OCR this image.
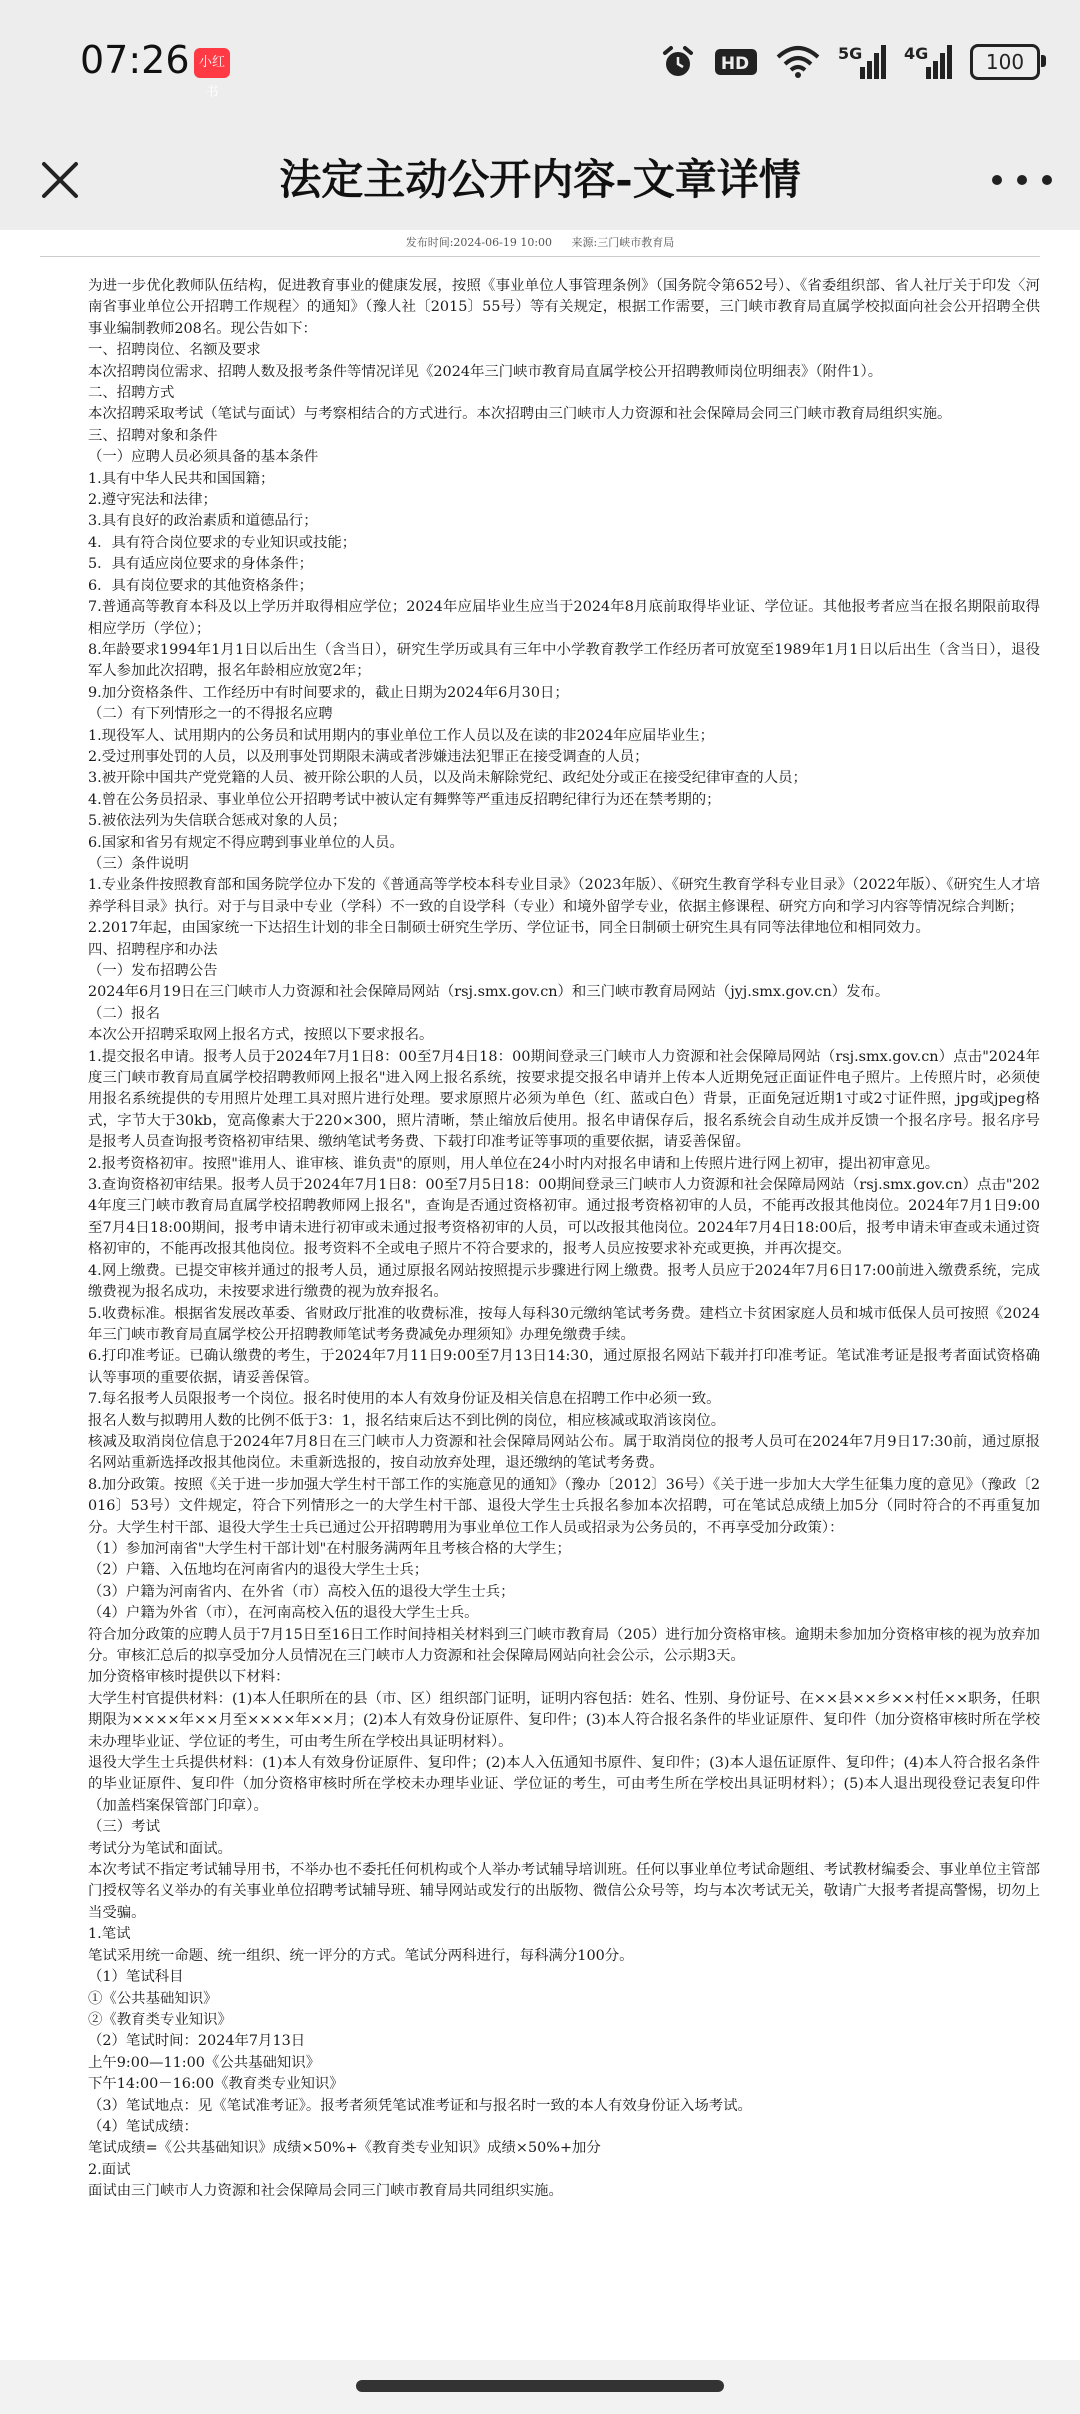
07:26 小红书
HD
5G	4G	100
法定主动公开内容-文章详情
发布时间:2024-06-19 10:00 来源:三门峡市教育局

为进一步优化教师队伍结构，促进教育事业的健康发展，按照《事业单位人事管理条例》（国务院令第652号）、《省委组织部、省人社厅关于印发〈河南省事业单位公开招聘工作规程〉的通知》（豫人社〔2015〕55号）等有关规定，根据工作需要，三门峡市教育局直属学校拟面向社会公开招聘全供事业编制教师208名。现公告如下：

一、招聘岗位、名额及要求

本次招聘岗位需求、招聘人数及报考条件等情况详见《2024年三门峡市教育局直属学校公开招聘教师岗位明细表》（附件1）。

二、招聘方式

本次招聘采取考试（笔试与面试）与考察相结合的方式进行。本次招聘由三门峡市人力资源和社会保障局会同三门峡市教育局组织实施。

三、招聘对象和条件

（一）应聘人员必须具备的基本条件

1.具有中华人民共和国国籍；

2.遵守宪法和法律；

3.具有良好的政治素质和道德品行；

4．具有符合岗位要求的专业知识或技能；

5．具有适应岗位要求的身体条件；

6．具有岗位要求的其他资格条件；

7.普通高等教育本科及以上学历并取得相应学位；2024年应届毕业生应当于2024年8月底前取得毕业证、学位证。其他报考者应当在报名期限前取得相应学历（学位）；

8.年龄要求1994年1月1日以后出生（含当日），研究生学历或具有三年中小学教育教学工作经历者可放宽至1989年1月1日以后出生（含当日），退役军人参加此次招聘，报名年龄相应放宽2年；

9.加分资格条件、工作经历中有时间要求的，截止日期为2024年6月30日；

（二）有下列情形之一的不得报名应聘

1.现役军人、试用期内的公务员和试用期内的事业单位工作人员以及在读的非2024年应届毕业生；

2.受过刑事处罚的人员，以及刑事处罚期限未满或者涉嫌违法犯罪正在接受调查的人员；

3.被开除中国共产党党籍的人员、被开除公职的人员，以及尚未解除党纪、政纪处分或正在接受纪律审查的人员；

4.曾在公务员招录、事业单位公开招聘考试中被认定有舞弊等严重违反招聘纪律行为还在禁考期的；

5.被依法列为失信联合惩戒对象的人员；

6.国家和省另有规定不得应聘到事业单位的人员。

（三）条件说明

1.专业条件按照教育部和国务院学位办下发的《普通高等学校本科专业目录》（2023年版）、《研究生教育学科专业目录》（2022年版）、《研究生人才培养学科目录》执行。对于与目录中专业（学科）不一致的自设学科（专业）和境外留学专业，依据主修课程、研究方向和学习内容等情况综合判断；

2.2017年起，由国家统一下达招生计划的非全日制硕士研究生学历、学位证书，同全日制硕士研究生具有同等法律地位和相同效力。

四、招聘程序和办法

（一）发布招聘公告

2024年6月19日在三门峡市人力资源和社会保障局网站（rsj.smx.gov.cn）和三门峡市教育局网站（jyj.smx.gov.cn）发布。

（二）报名

本次公开招聘采取网上报名方式，按照以下要求报名。

1.提交报名申请。报考人员于2024年7月1日8：00至7月4日18：00期间登录三门峡市人力资源和社会保障局网站（rsj.smx.gov.cn）点击"2024年度三门峡市教育局直属学校招聘教师网上报名"进入网上报名系统，按要求提交报名申请并上传本人近期免冠正面证件电子照片。上传照片时，必须使用报名系统提供的专用照片处理工具对照片进行处理。要求原照片必须为单色（红、蓝或白色）背景，正面免冠近期1寸或2寸证件照，jpg或jpeg格式，字节大于30kb，宽高像素大于220×300，照片清晰，禁止缩放后使用。报名申请保存后，报名系统会自动生成并反馈一个报名序号。报名序号是报考人员查询报考资格初审结果、缴纳笔试考务费、下载打印准考证等事项的重要依据，请妥善保留。

2.报考资格初审。按照"谁用人、谁审核、谁负责"的原则，用人单位在24小时内对报名申请和上传照片进行网上初审，提出初审意见。

3.查询资格初审结果。报考人员于2024年7月1日8：00至7月5日18：00期间登录三门峡市人力资源和社会保障局网站（rsj.smx.gov.cn）点击"2024年度三门峡市教育局直属学校招聘教师网上报名"，查询是否通过资格初审。通过报考资格初审的人员，不能再改报其他岗位。2024年7月1日9:00至7月4日18:00期间，报考申请未进行初审或未通过报考资格初审的人员，可以改报其他岗位。2024年7月4日18:00后，报考申请未审查或未通过资格初审的，不能再改报其他岗位。报考资料不全或电子照片不符合要求的，报考人员应按要求补充或更换，并再次提交。

4.网上缴费。已提交审核并通过的报考人员，通过原报名网站按照提示步骤进行网上缴费。报考人员应于2024年7月6日17:00前进入缴费系统，完成缴费视为报名成功，未按要求进行缴费的视为放弃报名。

5.收费标准。根据省发展改革委、省财政厅批准的收费标准，按每人每科30元缴纳笔试考务费。建档立卡贫困家庭人员和城市低保人员可按照《2024年三门峡市教育局直属学校公开招聘教师笔试考务费减免办理须知》办理免缴费手续。

6.打印准考证。已确认缴费的考生，于2024年7月11日9:00至7月13日14:30，通过原报名网站下载并打印准考证。笔试准考证是报考者面试资格确认等事项的重要依据，请妥善保管。

7.每名报考人员限报考一个岗位。报名时使用的本人有效身份证及相关信息在招聘工作中必须一致。

报名人数与拟聘用人数的比例不低于3：1，报名结束后达不到比例的岗位，相应核减或取消该岗位。

核减及取消岗位信息于2024年7月8日在三门峡市人力资源和社会保障局网站公布。属于取消岗位的报考人员可在2024年7月9日17:30前，通过原报名网站重新选择改报其他岗位。未重新选报的，按自动放弃处理，退还缴纳的笔试考务费。

8.加分政策。按照《关于进一步加强大学生村干部工作的实施意见的通知》（豫办〔2012〕36号）《关于进一步加大大学生征集力度的意见》（豫政〔2016〕53号）文件规定，符合下列情形之一的大学生村干部、退役大学生士兵报名参加本次招聘，可在笔试总成绩上加5分（同时符合的不再重复加分。大学生村干部、退役大学生士兵已通过公开招聘聘用为事业单位工作人员或招录为公务员的，不再享受加分政策）：

（1）参加河南省"大学生村干部计划"在村服务满两年且考核合格的大学生；

（2）户籍、入伍地均在河南省内的退役大学生士兵；

（3）户籍为河南省内、在外省（市）高校入伍的退役大学生士兵；

（4）户籍为外省（市），在河南高校入伍的退役大学生士兵。

符合加分政策的应聘人员于7月15日至16日工作时间持相关材料到三门峡市教育局（205）进行加分资格审核。逾期未参加加分资格审核的视为放弃加分。审核汇总后的拟享受加分人员情况在三门峡市人力资源和社会保障局网站向社会公示，公示期3天。

加分资格审核时提供以下材料：

大学生村官提供材料：(1)本人任职所在的县（市、区）组织部门证明，证明内容包括：姓名、性别、身份证号、在××县××乡××村任××职务，任职期限为××××年××月至××××年××月；(2)本人有效身份证原件、复印件；(3)本人符合报名条件的毕业证原件、复印件（加分资格审核时所在学校未办理毕业证、学位证的考生，可由考生所在学校出具证明材料）。

退役大学生士兵提供材料：(1)本人有效身份证原件、复印件；(2)本人入伍通知书原件、复印件；(3)本人退伍证原件、复印件；(4)本人符合报名条件的毕业证原件、复印件（加分资格审核时所在学校未办理毕业证、学位证的考生，可由考生所在学校出具证明材料）；(5)本人退出现役登记表复印件（加盖档案保管部门印章）。

（三）考试

考试分为笔试和面试。

本次考试不指定考试辅导用书，不举办也不委托任何机构或个人举办考试辅导培训班。任何以事业单位考试命题组、考试教材编委会、事业单位主管部门授权等名义举办的有关事业单位招聘考试辅导班、辅导网站或发行的出版物、微信公众号等，均与本次考试无关，敬请广大报考者提高警惕，切勿上当受骗。

1.笔试

笔试采用统一命题、统一组织、统一评分的方式。笔试分两科进行，每科满分100分。

（1）笔试科目

①《公共基础知识》

②《教育类专业知识》

（2）笔试时间：2024年7月13日

上午9:00—11:00《公共基础知识》

下午14:00－16:00《教育类专业知识》

（3）笔试地点：见《笔试准考证》。报考者须凭笔试准考证和与报名时一致的本人有效身份证入场考试。

（4）笔试成绩：

笔试成绩=《公共基础知识》成绩×50%+《教育类专业知识》成绩×50%+加分

2.面试

面试由三门峡市人力资源和社会保障局会同三门峡市教育局共同组织实施。
